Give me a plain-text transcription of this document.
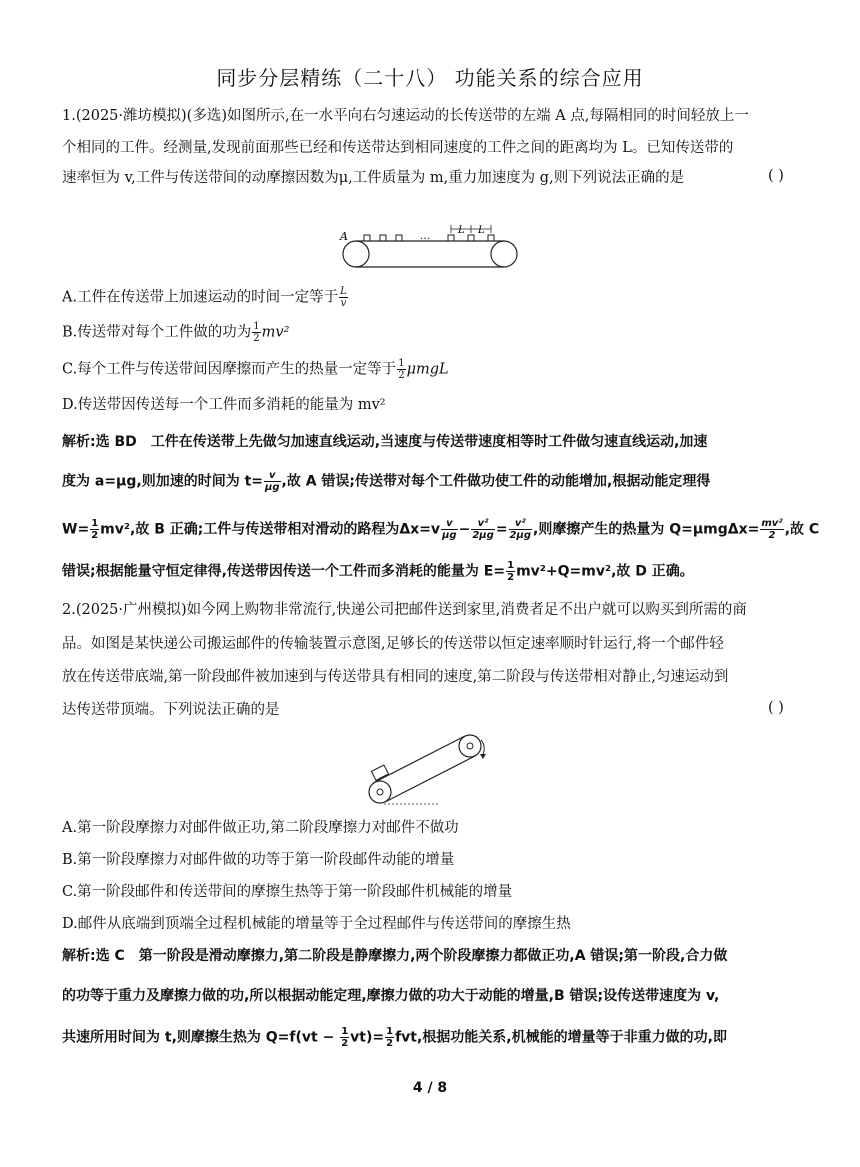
同步分层精练（二十八） 功能关系的综合应用
1.(2025·潍坊模拟)(多选)如图所示,在一水平向右匀速运动的长传送带的左端 A 点,每隔相同的时间轻放上一
个相同的工件。经测量,发现前面那些已经和传送带达到相同速度的工件之间的距离均为 L。已知传送带的
速率恒为 v,工件与传送带间的动摩擦因数为μ,工件质量为 m,重力加速度为 g,则下列说法正确的是	( )
A	…
L L
A.工件在传送带上加速运动的时间一定等于 $\frac{L}{v}$
B.传送带对每个工件做的功为 $\frac{1}{2} mv^2$
C.每个工件与传送带间因摩擦而产生的热量一定等于 $\frac{1}{2}$ μmgL
D.传送带因传送每一个工件而多消耗的能量为 mv²
解析:选 BD　工件在传送带上先做匀加速直线运动,当速度与传送带速度相等时工件做匀速直线运动,加速
度为 a=μg,则加速的时间为 $t= \frac{v}{\mu g}$ ,故 A 错误;传送带对每个工件做功使工件的动能增加,根据动能定理得
$W= \frac{1}{2} mv^2$,故 B 正确;工件与传送带相对滑动的路程为$\Delta x=v \frac{v}{\mu g} - \frac{\text{v²}}{2\mu g} = \frac{\text{v²}}{2\mu g}$ ,则摩擦产生的热量为 $Q=\mu mg\Delta x= \frac{\text{mv²}}{2}$ ,故 C
错误;根据能量守恒定律得,传送带因传送一个工件而多消耗的能量为 $E= \frac{1}{2} mv^2+Q=mv^2$,故 D 正确。
2.(2025·广州模拟)如今网上购物非常流行,快递公司把邮件送到家里,消费者足不出户就可以购买到所需的商
品。如图是某快递公司搬运邮件的传输装置示意图,足够长的传送带以恒定速率顺时针运行,将一个邮件轻
放在传送带底端,第一阶段邮件被加速到与传送带具有相同的速度,第二阶段与传送带相对静止,匀速运动到
达传送带顶端。下列说法正确的是	( )
A.第一阶段摩擦力对邮件做正功,第二阶段摩擦力对邮件不做功
B.第一阶段摩擦力对邮件做的功等于第一阶段邮件动能的增量
C.第一阶段邮件和传送带间的摩擦生热等于第一阶段邮件机械能的增量
D.邮件从底端到顶端全过程机械能的增量等于全过程邮件与传送带间的摩擦生热
解析:选 C　第一阶段是滑动摩擦力,第二阶段是静摩擦力,两个阶段摩擦力都做正功,A 错误;第一阶段,合力做
的功等于重力及摩擦力做的功,所以根据动能定理,摩擦力做的功大于动能的增量,B 错误;设传送带速度为 v,
共速所用时间为 t,则摩擦生热为 $Q=f(vt - \frac{1}{2} vt)= \frac{1}{2}$ fvt,根据功能关系,机械能的增量等于非重力做的功,即
4 / 8
